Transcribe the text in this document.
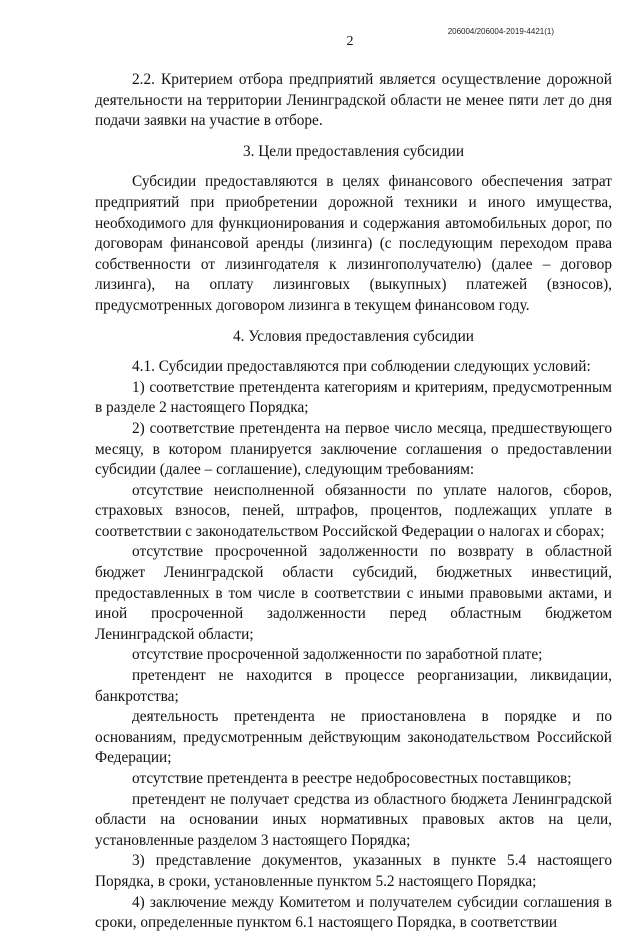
206004/206004-2019-4421(1)
2

2.2. Критерием отбора предприятий является осуществление дорожной деятельности на территории Ленинградской области не менее пяти лет до дня подачи заявки на участие в отборе.

3. Цели предоставления субсидии

Субсидии предоставляются в целях финансового обеспечения затрат предприятий при приобретении дорожной техники и иного имущества, необходимого для функционирования и содержания автомобильных дорог, по договорам финансовой аренды (лизинга) (с последующим переходом права собственности от лизингодателя к лизингополучателю) (далее – договор лизинга), на оплату лизинговых (выкупных) платежей (взносов), предусмотренных договором лизинга в текущем финансовом году.

4. Условия предоставления субсидии

4.1. Субсидии предоставляются при соблюдении следующих условий:

1) соответствие претендента категориям и критериям, предусмотренным в разделе 2 настоящего Порядка;

2) соответствие претендента на первое число месяца, предшествующего месяцу, в котором планируется заключение соглашения о предоставлении субсидии (далее – соглашение), следующим требованиям:

отсутствие неисполненной обязанности по уплате налогов, сборов, страховых взносов, пеней, штрафов, процентов, подлежащих уплате в соответствии с законодательством Российской Федерации о налогах и сборах;

отсутствие просроченной задолженности по возврату в областной бюджет Ленинградской области субсидий, бюджетных инвестиций, предоставленных в том числе в соответствии с иными правовыми актами, и иной просроченной задолженности перед областным бюджетом Ленинградской области;

отсутствие просроченной задолженности по заработной плате;

претендент не находится в процессе реорганизации, ликвидации, банкротства;

деятельность претендента не приостановлена в порядке и по основаниям, предусмотренным действующим законодательством Российской Федерации;

отсутствие претендента в реестре недобросовестных поставщиков;

претендент не получает средства из областного бюджета Ленинградской области на основании иных нормативных правовых актов на цели, установленные разделом 3 настоящего Порядка;

3) представление документов, указанных в пункте 5.4 настоящего Порядка, в сроки, установленные пунктом 5.2 настоящего Порядка;

4) заключение между Комитетом и получателем субсидии соглашения в сроки, определенные пунктом 6.1 настоящего Порядка, в соответствии
